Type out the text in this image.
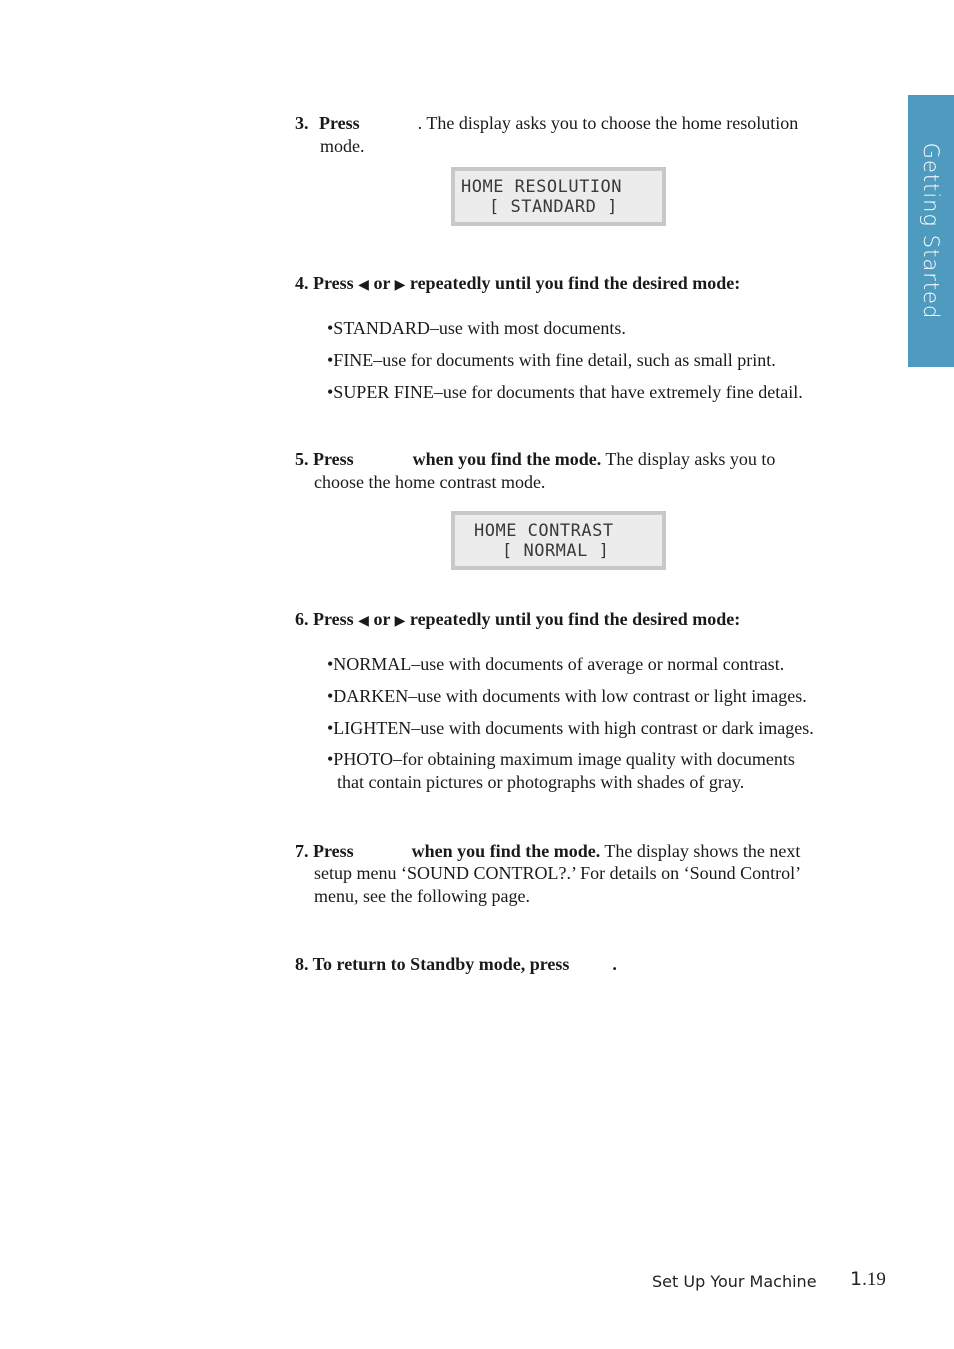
Getting Started
3. Press	. The display asks you to choose the home resolution
mode.
HOME RESOLUTION
[ STANDARD ]
4. Press ◀ or ▶ repeatedly until you find the desired mode:
•STANDARD–use with most documents.
•FINE–use for documents with fine detail, such as small print.
•SUPER FINE–use for documents that have extremely fine detail.
5. Press	when you find the mode. The display asks you to
choose the home contrast mode.
HOME CONTRAST
[ NORMAL ]
6. Press ◀ or ▶ repeatedly until you find the desired mode:
•NORMAL–use with documents of average or normal contrast.
•DARKEN–use with documents with low contrast or light images.
•LIGHTEN–use with documents with high contrast or dark images.
•PHOTO–for obtaining maximum image quality with documents
that contain pictures or photographs with shades of gray.
7. Press	when you find the mode. The display shows the next
setup menu ‘SOUND CONTROL?.’ For details on ‘Sound Control’
menu, see the following page.
8. To return to Standby mode, press .
Set Up Your Machine 1.19
